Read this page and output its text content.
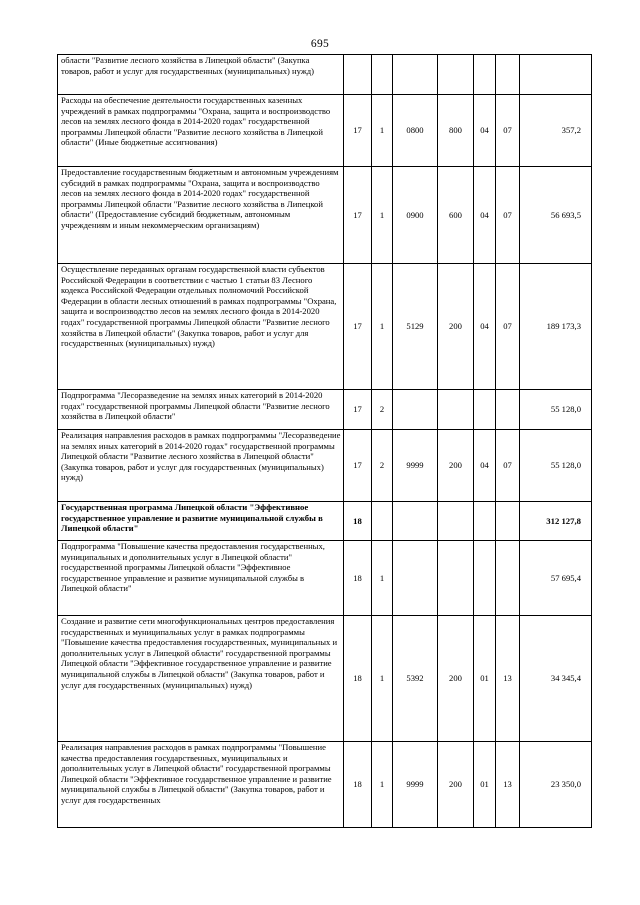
695
области "Развитие лесного хозяйства в Липецкой области" (Закупка товаров, работ и услуг для государственных (муниципальных) нужд)							
Расходы на обеспечение деятельности государственных казенных учреждений в рамках подпрограммы "Охрана, защита и воспроизводство лесов на землях лесного фонда в 2014-2020 годах" государственной программы Липецкой области "Развитие лесного хозяйства в Липецкой области" (Иные бюджетные ассигнования)	17	1	0800	800	04	07	357,2
Предоставление государственным бюджетным и автономным учреждениям субсидий в рамках подпрограммы "Охрана, защита и воспроизводство лесов на землях лесного фонда в 2014-2020 годах" государственной программы Липецкой области "Развитие лесного хозяйства в Липецкой области" (Предоставление субсидий бюджетным, автономным учреждениям и иным некоммерческим организациям)	17	1	0900	600	04	07	56 693,5
Осуществление переданных органам государственной власти субъектов Российской Федерации в соответствии с частью 1 статьи 83 Лесного кодекса Российской Федерации отдельных полномочий Российской Федерации в области лесных отношений в рамках подпрограммы "Охрана, защита и воспроизводство лесов на землях лесного фонда в 2014-2020 годах" государственной программы Липецкой области "Развитие лесного хозяйства в Липецкой области" (Закупка товаров, работ и услуг для государственных (муниципальных) нужд)	17	1	5129	200	04	07	189 173,3
Подпрограмма "Лесоразведение на землях иных категорий в 2014-2020 годах" государственной программы Липецкой области "Развитие лесного хозяйства в Липецкой области"	17	2					55 128,0
Реализация направления расходов в рамках подпрограммы "Лесоразведение на землях иных категорий в 2014-2020 годах" государственной программы Липецкой области "Развитие лесного хозяйства в Липецкой области" (Закупка товаров, работ и услуг для государственных (муниципальных) нужд)	17	2	9999	200	04	07	55 128,0
Государственная программа Липецкой области "Эффективное государственное управление и развитие муниципальной службы в Липецкой области"	18						312 127,8
Подпрограмма "Повышение качества предоставления государственных, муниципальных и дополнительных услуг в Липецкой области" государственной программы Липецкой области "Эффективное государственное управление и развитие муниципальной службы в Липецкой области"	18	1					57 695,4
Создание и развитие сети многофункциональных центров предоставления государственных и муниципальных услуг в рамках подпрограммы "Повышение качества предоставления государственных, муниципальных и дополнительных услуг в Липецкой области" государственной программы Липецкой области "Эффективное государственное управление и развитие муниципальной службы в Липецкой области" (Закупка товаров, работ и услуг для государственных (муниципальных) нужд)	18	1	5392	200	01	13	34 345,4
Реализация направления расходов в рамках подпрограммы "Повышение качества предоставления государственных, муниципальных и дополнительных услуг в Липецкой области" государственной программы Липецкой области "Эффективное государственное управление и развитие муниципальной службы в Липецкой области" (Закупка товаров, работ и услуг для государственных	18	1	9999	200	01	13	23 350,0
